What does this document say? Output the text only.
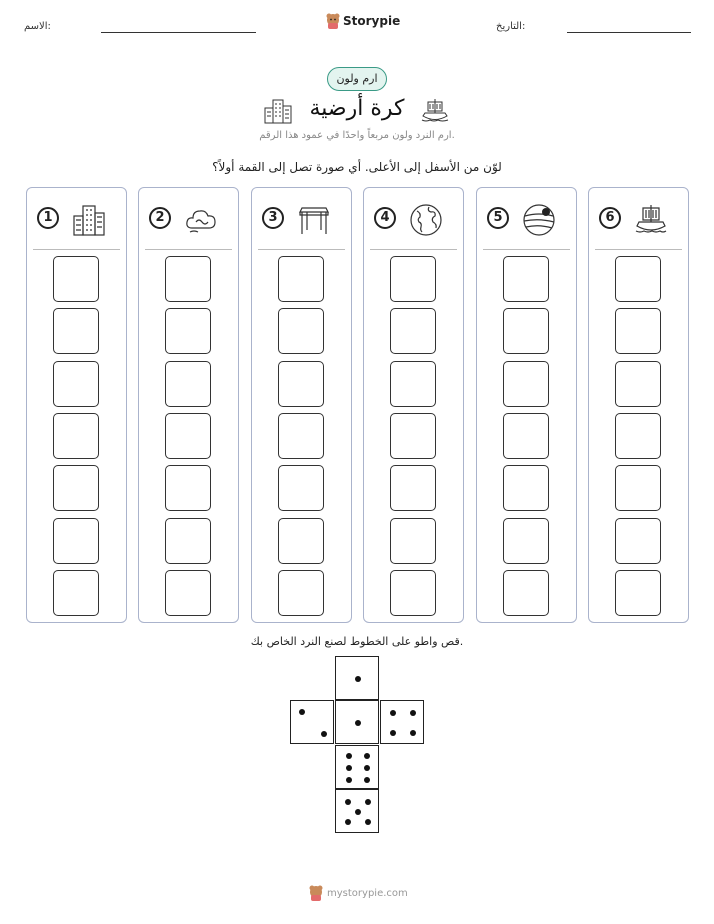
الاسم:	Storypie	التاريخ:
ارم ولون
كرة أرضية
ارم النرد ولون مربعاً واحدًا في عمود هذا الرقم.
لوّن من الأسفل إلى الأعلى. أي صورة تصل إلى القمة أولاً؟
1	2	3	4	5	6
قص واطو على الخطوط لصنع النرد الخاص بك.
mystorypie.com
